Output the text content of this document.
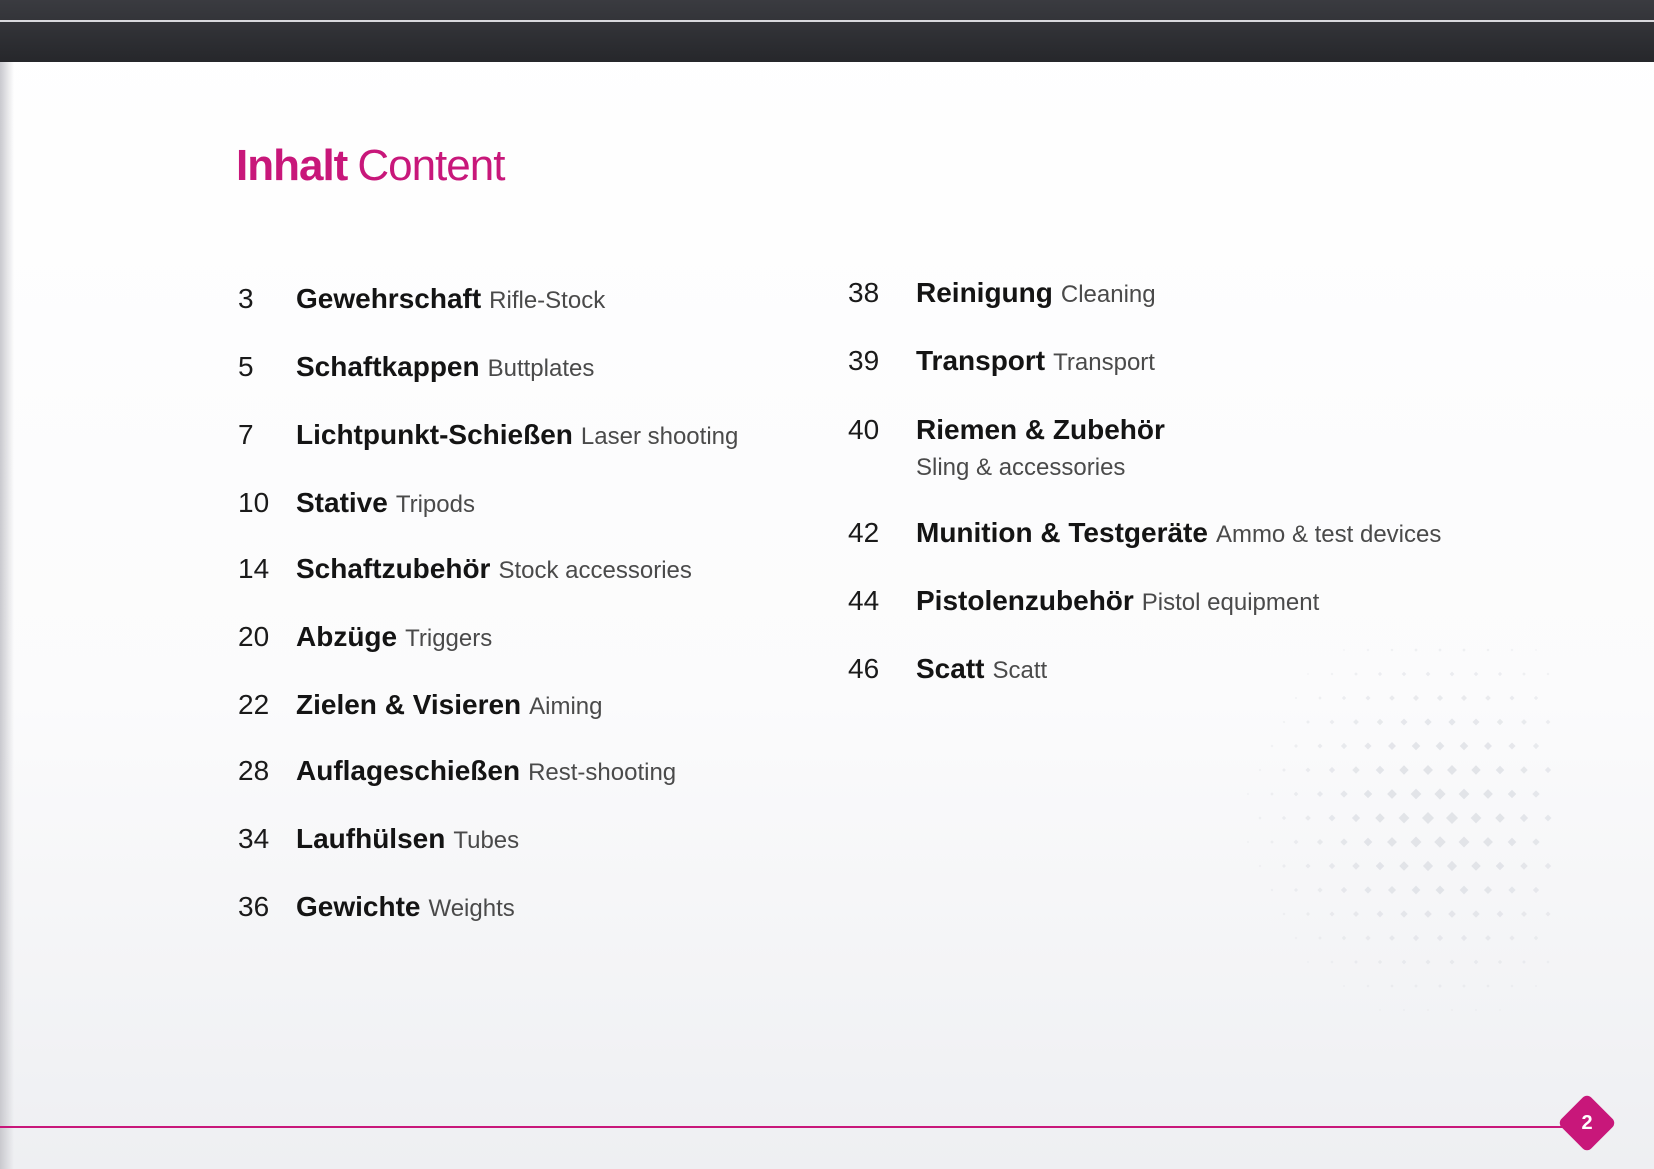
Inhalt Content
3 Gewehrschaft Rifle-Stock
5 Schaftkappen Buttplates
7 Lichtpunkt-Schießen Laser shooting
10 Stative Tripods
14 Schaftzubehör Stock accessories
20 Abzüge Triggers
22 Zielen & Visieren Aiming
28 Auflageschießen Rest-shooting
34 Laufhülsen Tubes
36 Gewichte Weights
38 Reinigung Cleaning
39 Transport Transport
40 Riemen & Zubehör
Sling & accessories
42 Munition & Testgeräte Ammo & test devices
44 Pistolenzubehör Pistol equipment
46 Scatt Scatt
2
